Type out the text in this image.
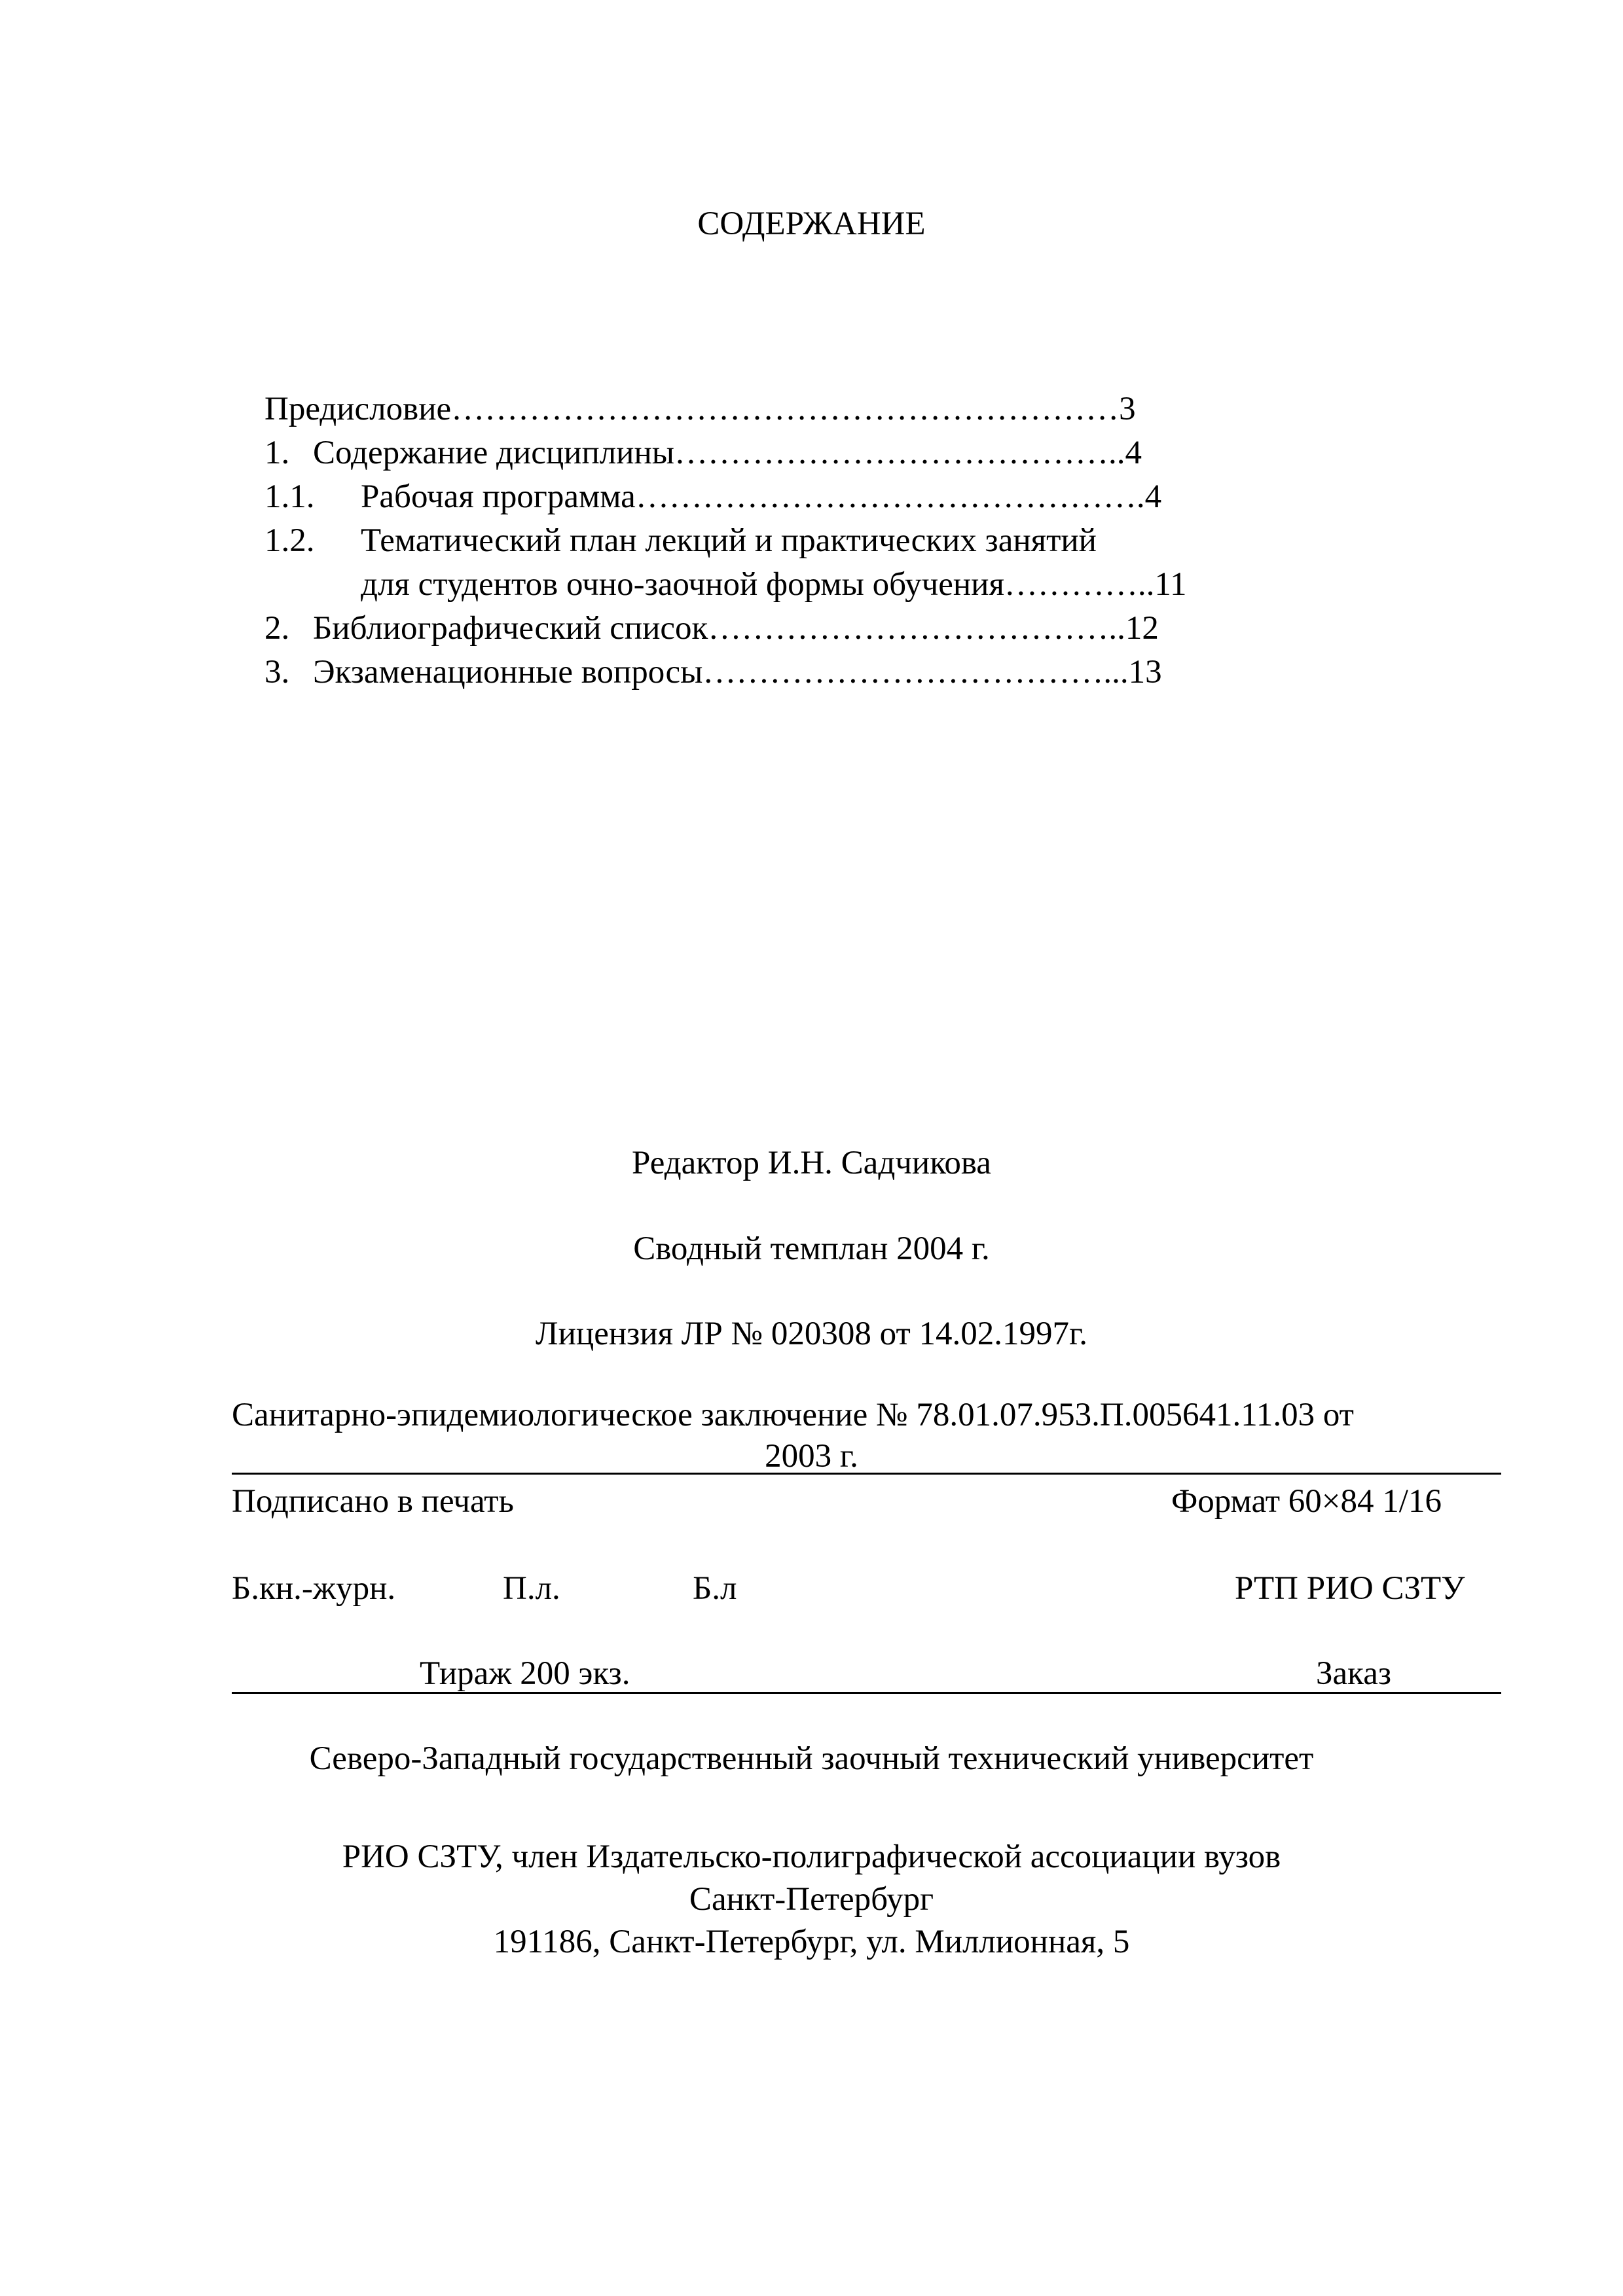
СОДЕРЖАНИЕ
Предисловие …………………………………………………… 3
1. Содержание дисциплины ………………………………….. 4
1.1.	Рабочая программа ………………………………………. 4
1.2.	Тематический план лекций и практических занятий
для студентов очно-заочной формы обучения ………….. 11
2. Библиографический список ……………………………….. 12
3. Экзаменационные вопросы ………………………………. ..13
Редактор И.Н. Садчикова
Сводный темплан 2004 г.
Лицензия ЛР № 020308 от 14.02.1997г.
Санитарно-эпидемиологическое заключение № 78.01.07.953.П.005641.11.03 от
2003 г.
Подписано в печать	Формат 60×84 1/16
Б.кн.-журн.	П.л.	Б.л	РТП РИО СЗТУ
Тираж 200 экз.	Заказ
Северо-Западный государственный заочный технический университет
РИО СЗТУ, член Издательско-полиграфической ассоциации вузов
Санкт-Петербург
191186, Санкт-Петербург, ул. Миллионная, 5
